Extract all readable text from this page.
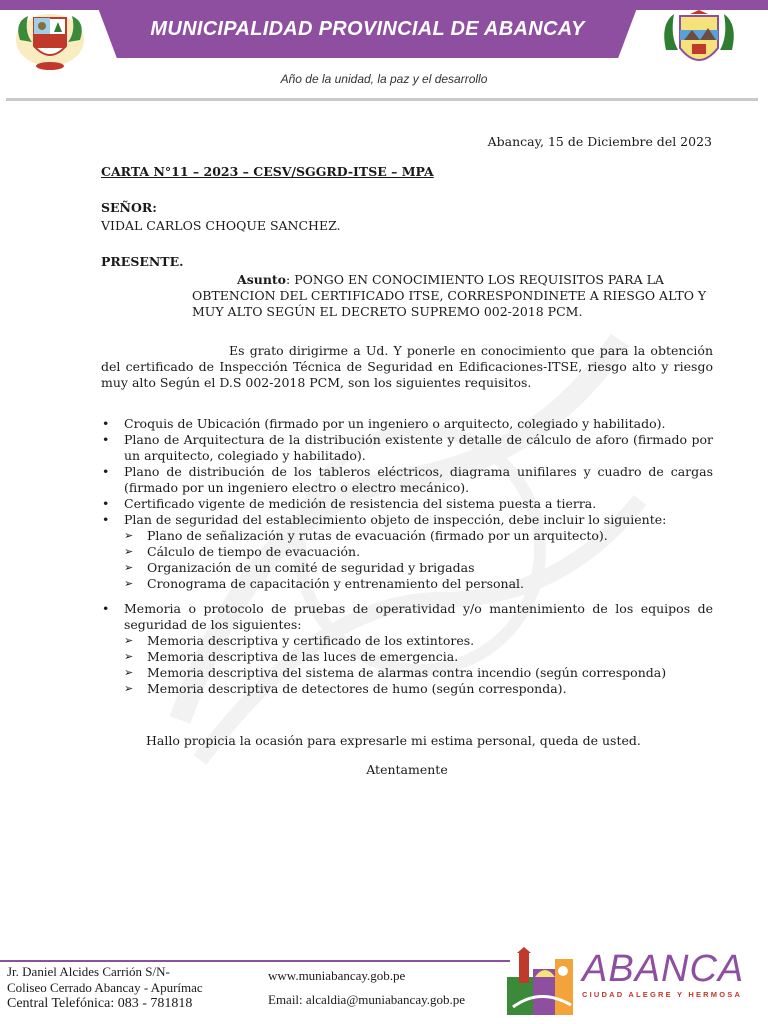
MUNICIPALIDAD PROVINCIAL DE ABANCAY
Año de la unidad, la paz y el desarrollo
Abancay, 15 de Diciembre del 2023
CARTA N°11 – 2023 – CESV/SGGRD-ITSE – MPA
SEÑOR:
VIDAL CARLOS CHOQUE SANCHEZ.
PRESENTE.
Asunto: PONGO EN CONOCIMIENTO LOS REQUISITOS PARA LA OBTENCION DEL CERTIFICADO ITSE, CORRESPONDINETE A RIESGO ALTO Y MUY ALTO SEGÚN EL DECRETO SUPREMO 002-2018 PCM.
Es grato dirigirme a Ud. Y ponerle en conocimiento que para la obtención del certificado de Inspección Técnica de Seguridad en Edificaciones-ITSE, riesgo alto y riesgo muy alto Según el D.S 002-2018 PCM, son los siguientes requisitos.
• Croquis de Ubicación (firmado por un ingeniero o arquitecto, colegiado y habilitado).
• Plano de Arquitectura de la distribución existente y detalle de cálculo de aforo (firmado por un arquitecto, colegiado y habilitado).
• Plano de distribución de los tableros eléctricos, diagrama unifilares y cuadro de cargas (firmado por un ingeniero electro o electro mecánico).
• Certificado vigente de medición de resistencia del sistema puesta a tierra.
• Plan de seguridad del establecimiento objeto de inspección, debe incluir lo siguiente:
➢ Plano de señalización y rutas de evacuación (firmado por un arquitecto).
➢ Cálculo de tiempo de evacuación.
➢ Organización de un comité de seguridad y brigadas
➢ Cronograma de capacitación y entrenamiento del personal.
• Memoria o protocolo de pruebas de operatividad y/o mantenimiento de los equipos de seguridad de los siguientes:
➢ Memoria descriptiva y certificado de los extintores.
➢ Memoria descriptiva de las luces de emergencia.
➢ Memoria descriptiva del sistema de alarmas contra incendio (según corresponda)
➢ Memoria descriptiva de detectores de humo (según corresponda).
Hallo propicia la ocasión para expresarle mi estima personal, queda de usted.
Atentamente
Jr. Daniel Alcides Carrión S/N-
Coliseo Cerrado Abancay - Apurímac
Central Telefónica: 083 - 781818
www.muniabancay.gob.pe
Email: alcaldia@muniabancay.gob.pe
ABANCA
CIUDAD ALEGRE Y HERMOSA
